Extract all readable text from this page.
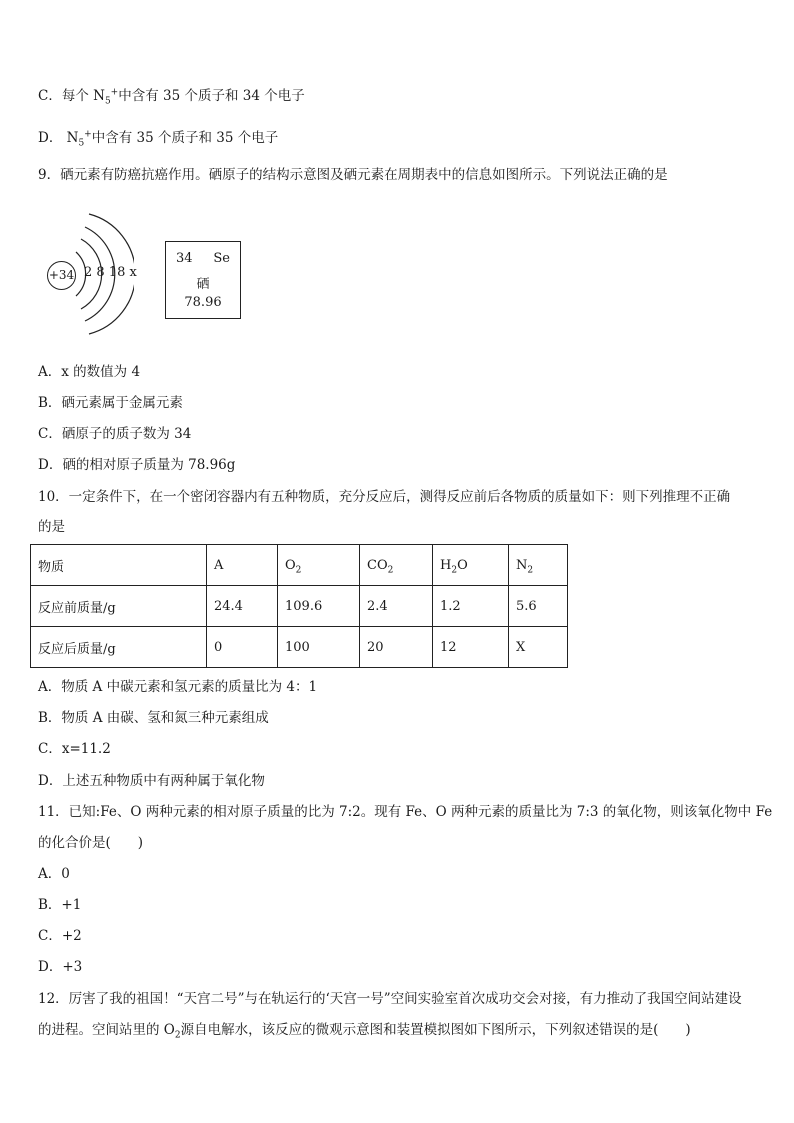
C．每个 $N_5^+$中含有 35 个质子和 34 个电子
D． $N_5^+$中含有 35 个质子和 35 个电子
9．硒元素有防癌抗癌作用。硒原子的结构示意图及硒元素在周期表中的信息如图所示。下列说法正确的是
+34 2 8 18 x
34 Se
硒
78.96
A．x 的数值为 4
B．硒元素属于金属元素
C．硒原子的质子数为 34
D．硒的相对原子质量为 78.96g
10．一定条件下，在一个密闭容器内有五种物质，充分反应后，测得反应前后各物质的质量如下：则下列推理不正确
的是
物质	A	$O_2$	$CO_2$	$H_2O$	$N_2$
反应前质量/g	24.4	109.6	2.4	1.2	5.6
反应后质量/g	0	100	20	12	X
A．物质 A 中碳元素和氢元素的质量比为 4：1
B．物质 A 由碳、氢和氮三种元素组成
C．x=11.2
D．上述五种物质中有两种属于氧化物
11．已知:Fe、O 两种元素的相对原子质量的比为 7:2。现有 Fe、O 两种元素的质量比为 7:3 的氧化物，则该氧化物中 Fe
的化合价是(　　)
A．0
B．+1
C．+2
D．+3
12．厉害了我的祖国！“天宫二号”与在轨运行的‘天宫一号”空间实验室首次成功交会对接，有力推动了我国空间站建设
的进程。空间站里的 $O_2$源自电解水，该反应的微观示意图和装置模拟图如下图所示，下列叙述错误的是(　　)
